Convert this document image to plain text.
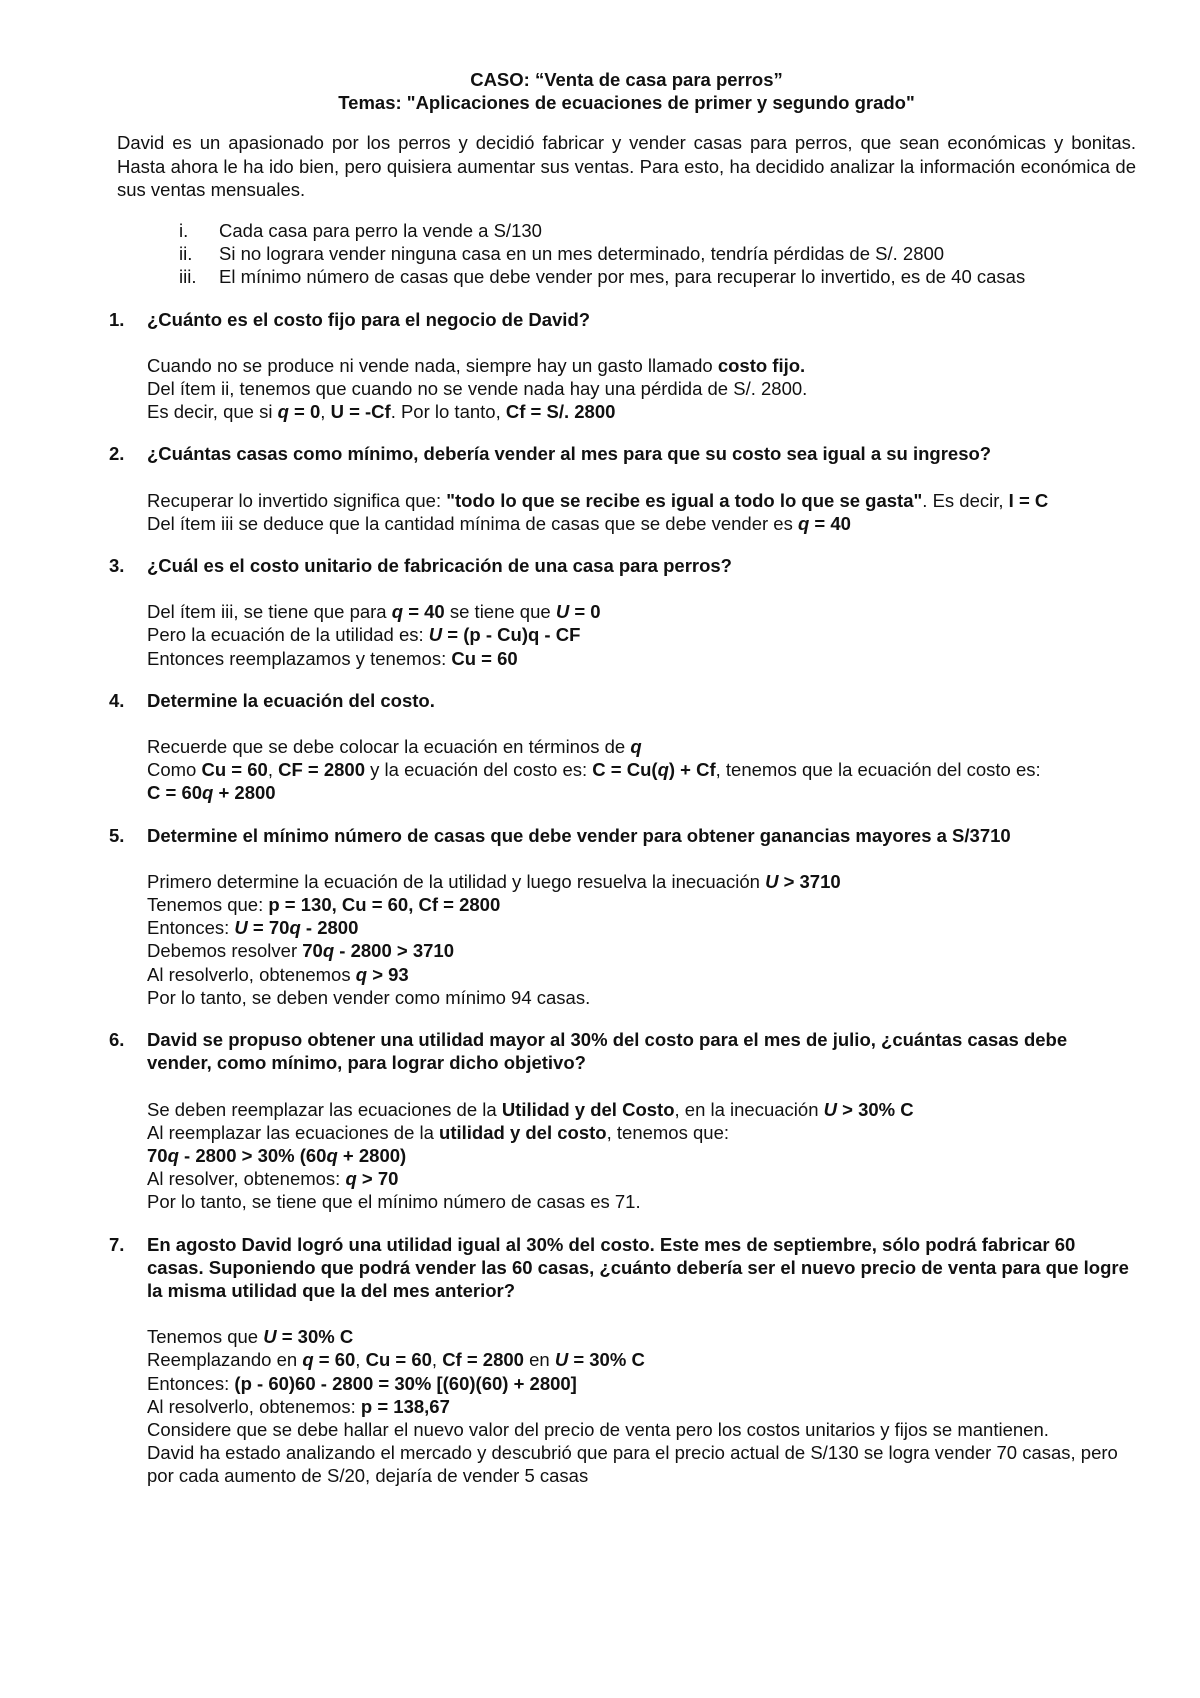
CASO: “Venta de casa para perros”
Temas: "Aplicaciones de ecuaciones de primer y segundo grado"
David es un apasionado por los perros y decidió fabricar y vender casas para perros, que sean económicas y bonitas. Hasta ahora le ha ido bien, pero quisiera aumentar sus ventas. Para esto, ha decidido analizar la información económica de sus ventas mensuales.
i. Cada casa para perro la vende a S/130
ii. Si no lograra vender ninguna casa en un mes determinado, tendría pérdidas de S/. 2800
iii. El mínimo número de casas que debe vender por mes, para recuperar lo invertido, es de 40 casas
1. ¿Cuánto es el costo fijo para el negocio de David?
Cuando no se produce ni vende nada, siempre hay un gasto llamado costo fijo.
Del ítem ii, tenemos que cuando no se vende nada hay una pérdida de S/. 2800.
Es decir, que si q = 0, U = -Cf. Por lo tanto, Cf = S/. 2800
2. ¿Cuántas casas como mínimo, debería vender al mes para que su costo sea igual a su ingreso?
Recuperar lo invertido significa que: "todo lo que se recibe es igual a todo lo que se gasta". Es decir, I = C
Del ítem iii se deduce que la cantidad mínima de casas que se debe vender es q = 40
3. ¿Cuál es el costo unitario de fabricación de una casa para perros?
Del ítem iii, se tiene que para q = 40 se tiene que U = 0
Pero la ecuación de la utilidad es: U = (p - Cu)q - CF
Entonces reemplazamos y tenemos: Cu = 60
4. Determine la ecuación del costo.
Recuerde que se debe colocar la ecuación en términos de q
Como Cu = 60, CF = 2800 y la ecuación del costo es: C = Cu(q) + Cf, tenemos que la ecuación del costo es:
C = 60q + 2800
5. Determine el mínimo número de casas que debe vender para obtener ganancias mayores a S/3710
Primero determine la ecuación de la utilidad y luego resuelva la inecuación U > 3710
Tenemos que: p = 130, Cu = 60, Cf = 2800
Entonces: U = 70q - 2800
Debemos resolver 70q - 2800 > 3710
Al resolverlo, obtenemos q > 93
Por lo tanto, se deben vender como mínimo 94 casas.
6. David se propuso obtener una utilidad mayor al 30% del costo para el mes de julio, ¿cuántas casas debe vender, como mínimo, para lograr dicho objetivo?
Se deben reemplazar las ecuaciones de la Utilidad y del Costo, en la inecuación U > 30% C
Al reemplazar las ecuaciones de la utilidad y del costo, tenemos que:
70q - 2800 > 30% (60q + 2800)
Al resolver, obtenemos: q > 70
Por lo tanto, se tiene que el mínimo número de casas es 71.
7. En agosto David logró una utilidad igual al 30% del costo. Este mes de septiembre, sólo podrá fabricar 60 casas. Suponiendo que podrá vender las 60 casas, ¿cuánto debería ser el nuevo precio de venta para que logre la misma utilidad que la del mes anterior?
Tenemos que U = 30% C
Reemplazando en q = 60, Cu = 60, Cf = 2800 en U = 30% C
Entonces: (p - 60)60 - 2800 = 30% [(60)(60) + 2800]
Al resolverlo, obtenemos: p = 138,67
Considere que se debe hallar el nuevo valor del precio de venta pero los costos unitarios y fijos se mantienen.
David ha estado analizando el mercado y descubrió que para el precio actual de S/130 se logra vender 70 casas, pero por cada aumento de S/20, dejaría de vender 5 casas
